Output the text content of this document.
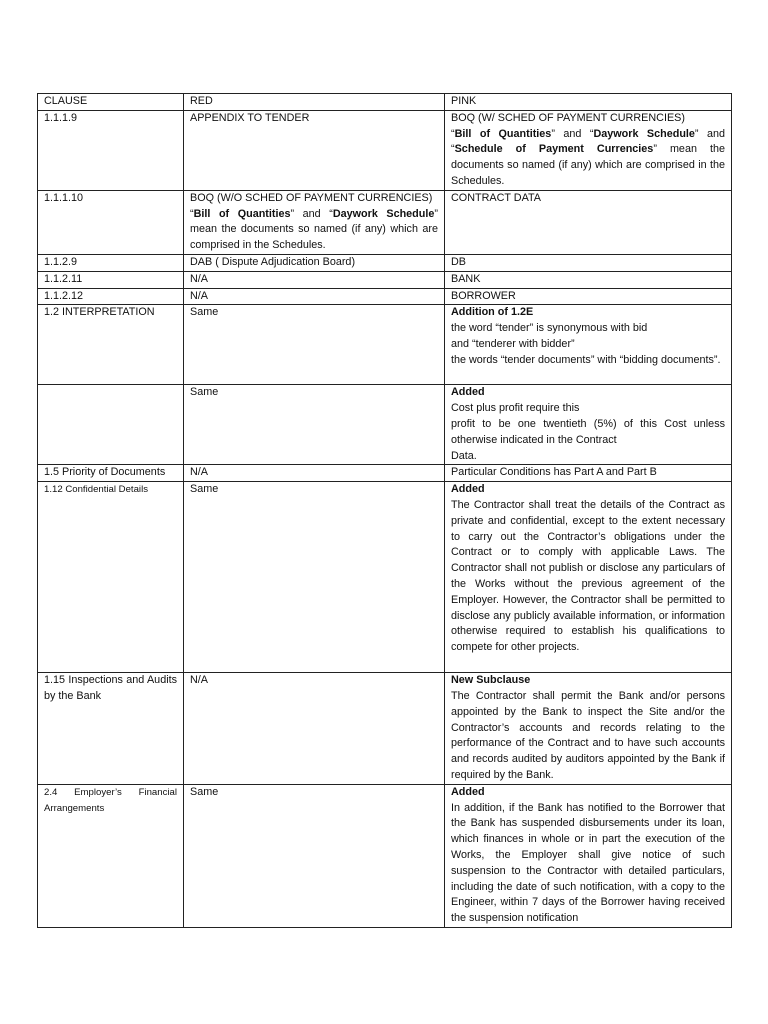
CLAUSE	RED	PINK
1.1.1.9	APPENDIX TO TENDER	BOQ (W/ SCHED OF PAYMENT CURRENCIES)
“Bill of Quantities” and “Daywork Schedule” and “Schedule of Payment Currencies” mean the documents so named (if any) which are comprised in the Schedules.
1.1.1.10	BOQ (W/O SCHED OF PAYMENT CURRENCIES)
“Bill of Quantities” and “Daywork Schedule” mean the documents so named (if any) which are comprised in the Schedules.	CONTRACT DATA
1.1.2.9	DAB ( Dispute Adjudication Board)	DB
1.1.2.11	N/A	BANK
1.1.2.12	N/A	BORROWER
1.2 INTERPRETATION	Same	Addition of 1.2E
the word “tender” is synonymous with bid
and “tenderer with bidder”
the words “tender documents” with “bidding documents”.

	Same	Added
Cost plus profit require this
profit to be one twentieth (5%) of this Cost unless otherwise indicated in the Contract
Data.

1.5 Priority of Documents	N/A	Particular Conditions has Part A and Part B
1.12 Confidential Details	Same	Added
The Contractor shall treat the details of the Contract as private and confidential, except to the extent necessary to carry out the Contractor’s obligations under the Contract or to comply with applicable Laws. The Contractor shall not publish or disclose any particulars of the Works without the previous agreement of the Employer. However, the Contractor shall be permitted to disclose any publicly available information, or information otherwise required to establish his qualifications to compete for other projects.
1.15 Inspections and Audits by the Bank	N/A	New Subclause
The Contractor shall permit the Bank and/or persons appointed by the Bank to inspect the Site and/or the Contractor’s accounts and records relating to the performance of the Contract and to have such accounts and records audited by auditors appointed by the Bank if required by the Bank.
2.4 Employer’s Financial Arrangements	Same	Added
In addition, if the Bank has notified to the Borrower that the Bank has suspended disbursements under its loan, which finances in whole or in part the execution of the Works, the Employer shall give notice of such suspension to the Contractor with detailed particulars, including the date of such notification, with a copy to the Engineer, within 7 days of the Borrower having received the suspension notification
